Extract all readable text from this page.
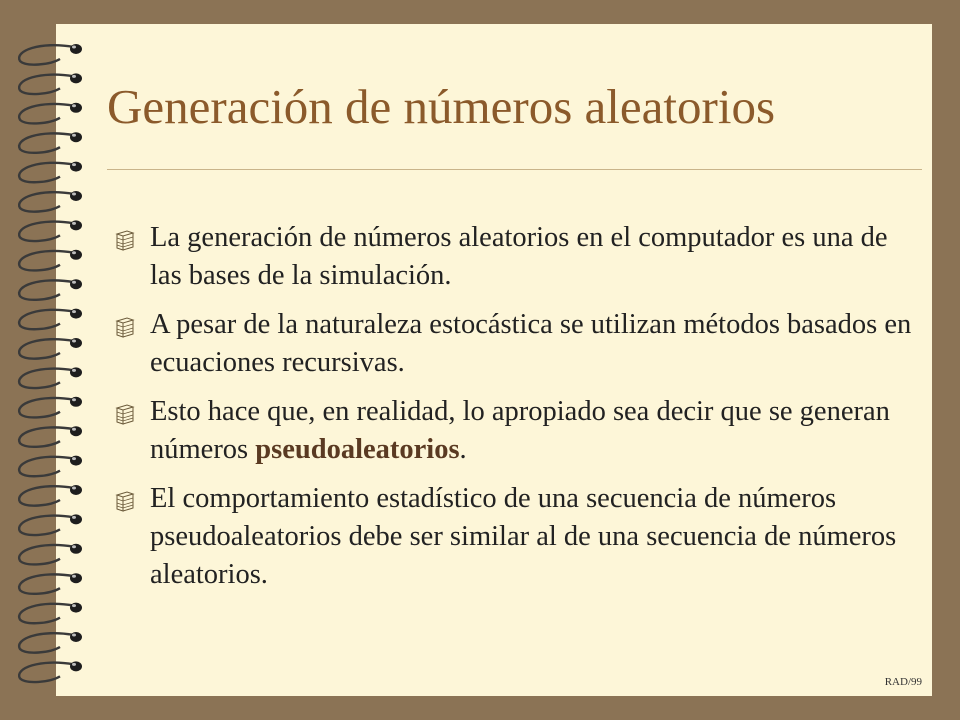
Generación de números aleatorios
La generación de números aleatorios en el computador es una de las bases de la simulación.
A pesar de la naturaleza estocástica se utilizan métodos basados en ecuaciones recursivas.
Esto hace que, en realidad, lo apropiado sea decir que se generan números pseudoaleatorios.
El comportamiento estadístico de una secuencia de números pseudoaleatorios debe ser similar al de una secuencia de números aleatorios.
RAD/99
